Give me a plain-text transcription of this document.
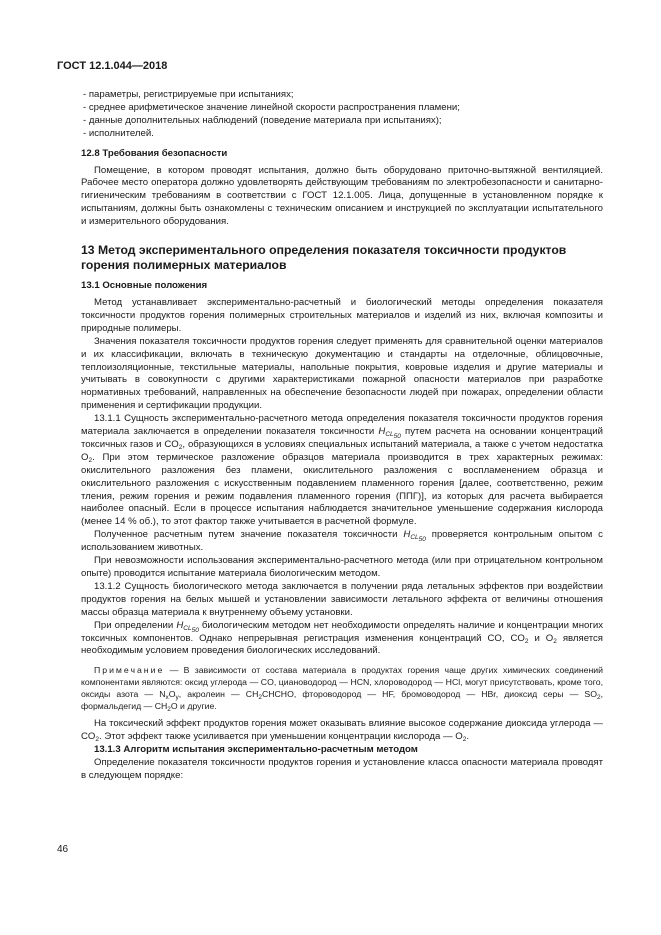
ГОСТ 12.1.044—2018

- параметры, регистрируемые при испытаниях;

- среднее арифметическое значение линейной скорости распространения пламени;

- данные дополнительных наблюдений (поведение материала при испытаниях);

- исполнителей.

12.8 Требования безопасности

Помещение, в котором проводят испытания, должно быть оборудовано приточно-вытяжной вентиляцией. Рабочее место оператора должно удовлетворять действующим требованиям по электробезопасности и санитарно-гигиеническим требованиям в соответствии с ГОСТ 12.1.005. Лица, допущенные в установленном порядке к испытаниям, должны быть ознакомлены с техническим описанием и инструкцией по эксплуатации испытательного и измерительного оборудования.

13 Метод экспериментального определения показателя токсичности продуктов горения полимерных материалов

13.1 Основные положения

Метод устанавливает экспериментально-расчетный и биологический методы определения показателя токсичности продуктов горения полимерных строительных материалов и изделий из них, включая композиты и природные полимеры.

Значения показателя токсичности продуктов горения следует применять для сравнительной оценки материалов и их классификации, включать в техническую документацию и стандарты на отделочные, облицовочные, теплоизоляционные, текстильные материалы, напольные покрытия, ковровые изделия и другие материалы и учитывать в совокупности с другими характеристиками пожарной опасности материалов при разработке нормативных требований, направленных на обеспечение безопасности людей при пожарах, определении области применения и сертификации продукции.

13.1.1 Сущность экспериментально-расчетного метода определения показателя токсичности продуктов горения материала заключается в определении показателя токсичности $H_{CL_{50}}$ путем расчета на основании концентраций токсичных газов и $CO_2$, образующихся в условиях специальных испытаний материала, а также с учетом недостатка $O_2$. При этом термическое разложение образцов материала производится в трех характерных режимах: окислительного разложения без пламени, окислительного разложения с воспламенением образца и окислительного разложения с искусственным подавлением пламенного горения [далее, соответственно, режим тления, режим горения и режим подавления пламенного горения (ППГ)], из которых для расчета выбирается наиболее опасный. Если в процессе испытания наблюдается значительное уменьшение содержания кислорода (менее 14 % об.), то этот фактор также учитывается в расчетной формуле.

Полученное расчетным путем значение показателя токсичности $H_{CL_{50}}$ проверяется контрольным опытом с использованием животных.

При невозможности использования экспериментально-расчетного метода (или при отрицательном контрольном опыте) проводится испытание материала биологическим методом.

13.1.2 Сущность биологического метода заключается в получении ряда летальных эффектов при воздействии продуктов горения на белых мышей и установлении зависимости летального эффекта от величины отношения массы образца материала к внутреннему объему установки.

При определении $H_{CL_{50}}$ биологическим методом нет необходимости определять наличие и концентрации многих токсичных компонентов. Однако непрерывная регистрация изменения концентраций CO, $CO_2$ и $O_2$ является необходимым условием проведения биологических исследований.

Примечание — В зависимости от состава материала в продуктах горения чаще других химических соединений компонентами являются: оксид углерода — CO, циановодород — HCN, хлороводород — HCl, могут присутствовать, кроме того, оксиды азота — $N_xO_y$, акролеин — $CH_2CHCHO$, фтороводород — HF, бромоводород — HBr, диоксид серы — $SO_2$, формальдегид — $CH_2O$ и другие.

На токсический эффект продуктов горения может оказывать влияние высокое содержание диоксида углерода — $CO_2$. Этот эффект также усиливается при уменьшении концентрации кислорода — $O_2$.

13.1.3 Алгоритм испытания экспериментально-расчетным методом

Определение показателя токсичности продуктов горения и установление класса опасности материала проводят в следующем порядке:

46
